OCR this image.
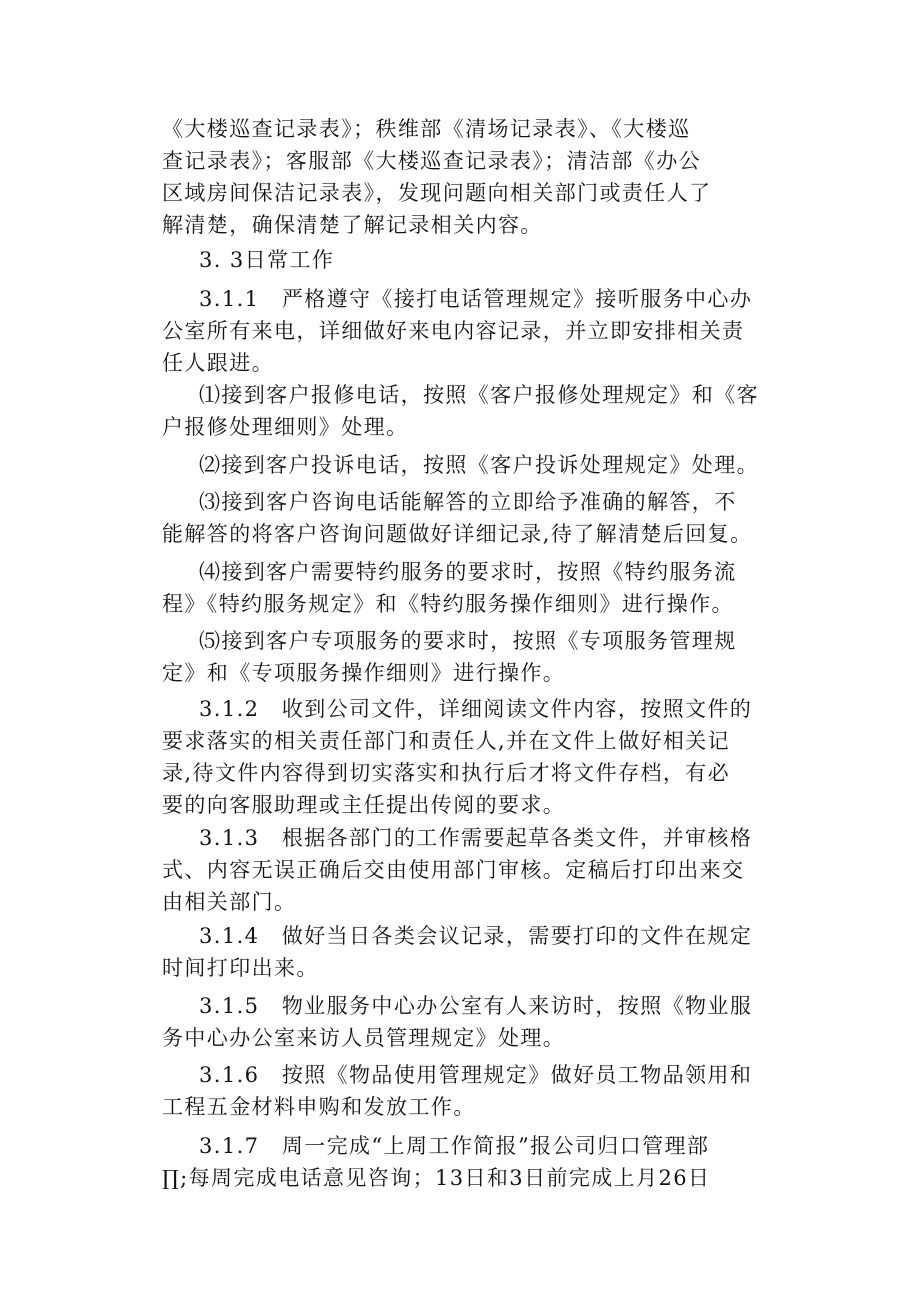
《大楼巡查记录表》；秩维部《清场记录表》、《大楼巡
查记录表》；客服部《大楼巡查记录表》；清洁部《办公
区域房间保洁记录表》，发现问题向相关部门或责任人了
解清楚，确保清楚了解记录相关内容。
3. 3日常工作
3.1.1　严格遵守《接打电话管理规定》接听服务中心办
公室所有来电，详细做好来电内容记录，并立即安排相关责
任人跟进。
⑴接到客户报修电话，按照《客户报修处理规定》和《客
户报修处理细则》处理。
⑵接到客户投诉电话，按照《客户投诉处理规定》处理。
⑶接到客户咨询电话能解答的立即给予准确的解答，不
能解答的将客户咨询问题做好详细记录,待了解清楚后回复。
⑷接到客户需要特约服务的要求时，按照《特约服务流
程》《特约服务规定》和《特约服务操作细则》进行操作。
⑸接到客户专项服务的要求时，按照《专项服务管理规
定》和《专项服务操作细则》进行操作。
3.1.2　收到公司文件，详细阅读文件内容，按照文件的
要求落实的相关责任部门和责任人,并在文件上做好相关记
录,待文件内容得到切实落实和执行后才将文件存档，有必
要的向客服助理或主任提出传阅的要求。
3.1.3　根据各部门的工作需要起草各类文件，并审核格
式、内容无误正确后交由使用部门审核。定稿后打印出来交
由相关部门。
3.1.4　做好当日各类会议记录，需要打印的文件在规定
时间打印出来。
3.1.5　物业服务中心办公室有人来访时，按照《物业服
务中心办公室来访人员管理规定》处理。
3.1.6　按照《物品使用管理规定》做好员工物品领用和
工程五金材料申购和发放工作。
3.1.7　周一完成“上周工作简报”报公司归口管理部
∏;每周完成电话意见咨询；13日和3日前完成上月26日
